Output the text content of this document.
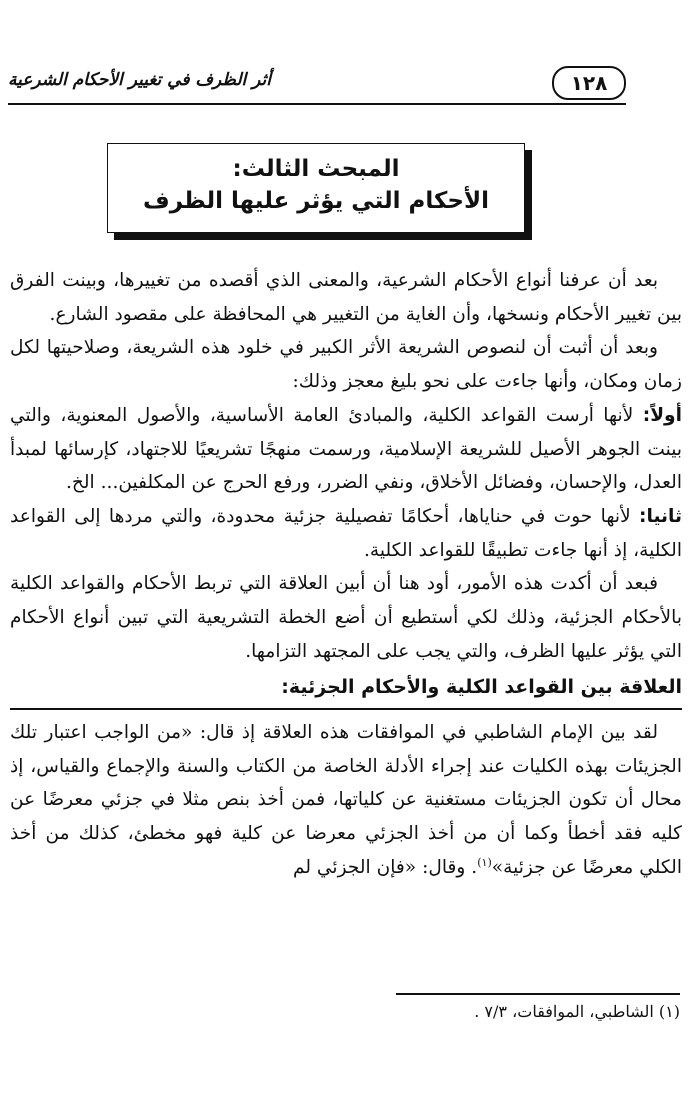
١٢٨
أثر الظرف في تغيير الأحكام الشرعية
المبحث الثالث:
الأحكام التي يؤثر عليها الظرف

بعد أن عرفنا أنواع الأحكام الشرعية، والمعنى الذي أقصده من تغييرها، وبينت الفرق بين تغيير الأحكام ونسخها، وأن الغاية من التغيير هي المحافظة على مقصود الشارع.

وبعد أن أثبت أن لنصوص الشريعة الأثر الكبير في خلود هذه الشريعة، وصلاحيتها لكل زمان ومكان، وأنها جاءت على نحو بليغ معجز وذلك:

أولاً: لأنها أرست القواعد الكلية، والمبادئ العامة الأساسية، والأصول المعنوية، والتي بينت الجوهر الأصيل للشريعة الإسلامية، ورسمت منهجًا تشريعيًا للاجتهاد، كإرسائها لمبدأ العدل، والإحسان، وفضائل الأخلاق، ونفي الضرر، ورفع الحرج عن المكلفين... الخ.

ثانيا: لأنها حوت في حناياها، أحكامًا تفصيلية جزئية محدودة، والتي مردها إلى القواعد الكلية، إذ أنها جاءت تطبيقًا للقواعد الكلية.

فبعد أن أكدت هذه الأمور، أود هنا أن أبين العلاقة التي تربط الأحكام والقواعد الكلية بالأحكام الجزئية، وذلك لكي أستطيع أن أضع الخطة التشريعية التي تبين أنواع الأحكام التي يؤثر عليها الظرف، والتي يجب على المجتهد التزامها.

العلاقة بين القواعد الكلية والأحكام الجزئية:

لقد بين الإمام الشاطبي في الموافقات هذه العلاقة إذ قال: «من الواجب اعتبار تلك الجزيئات بهذه الكليات عند إجراء الأدلة الخاصة من الكتاب والسنة والإجماع والقياس، إذ محال أن تكون الجزيئات مستغنية عن كلياتها، فمن أخذ بنص مثلا في جزئي معرضًا عن كليه فقد أخطأ وكما أن من أخذ الجزئي معرضا عن كلية فهو مخطئ، كذلك من أخذ الكلي معرضًا عن جزئية»$^{(١)}$. وقال: «فإن الجزئي لم

(١) الشاطبي، الموافقات، ٧/٣ .
